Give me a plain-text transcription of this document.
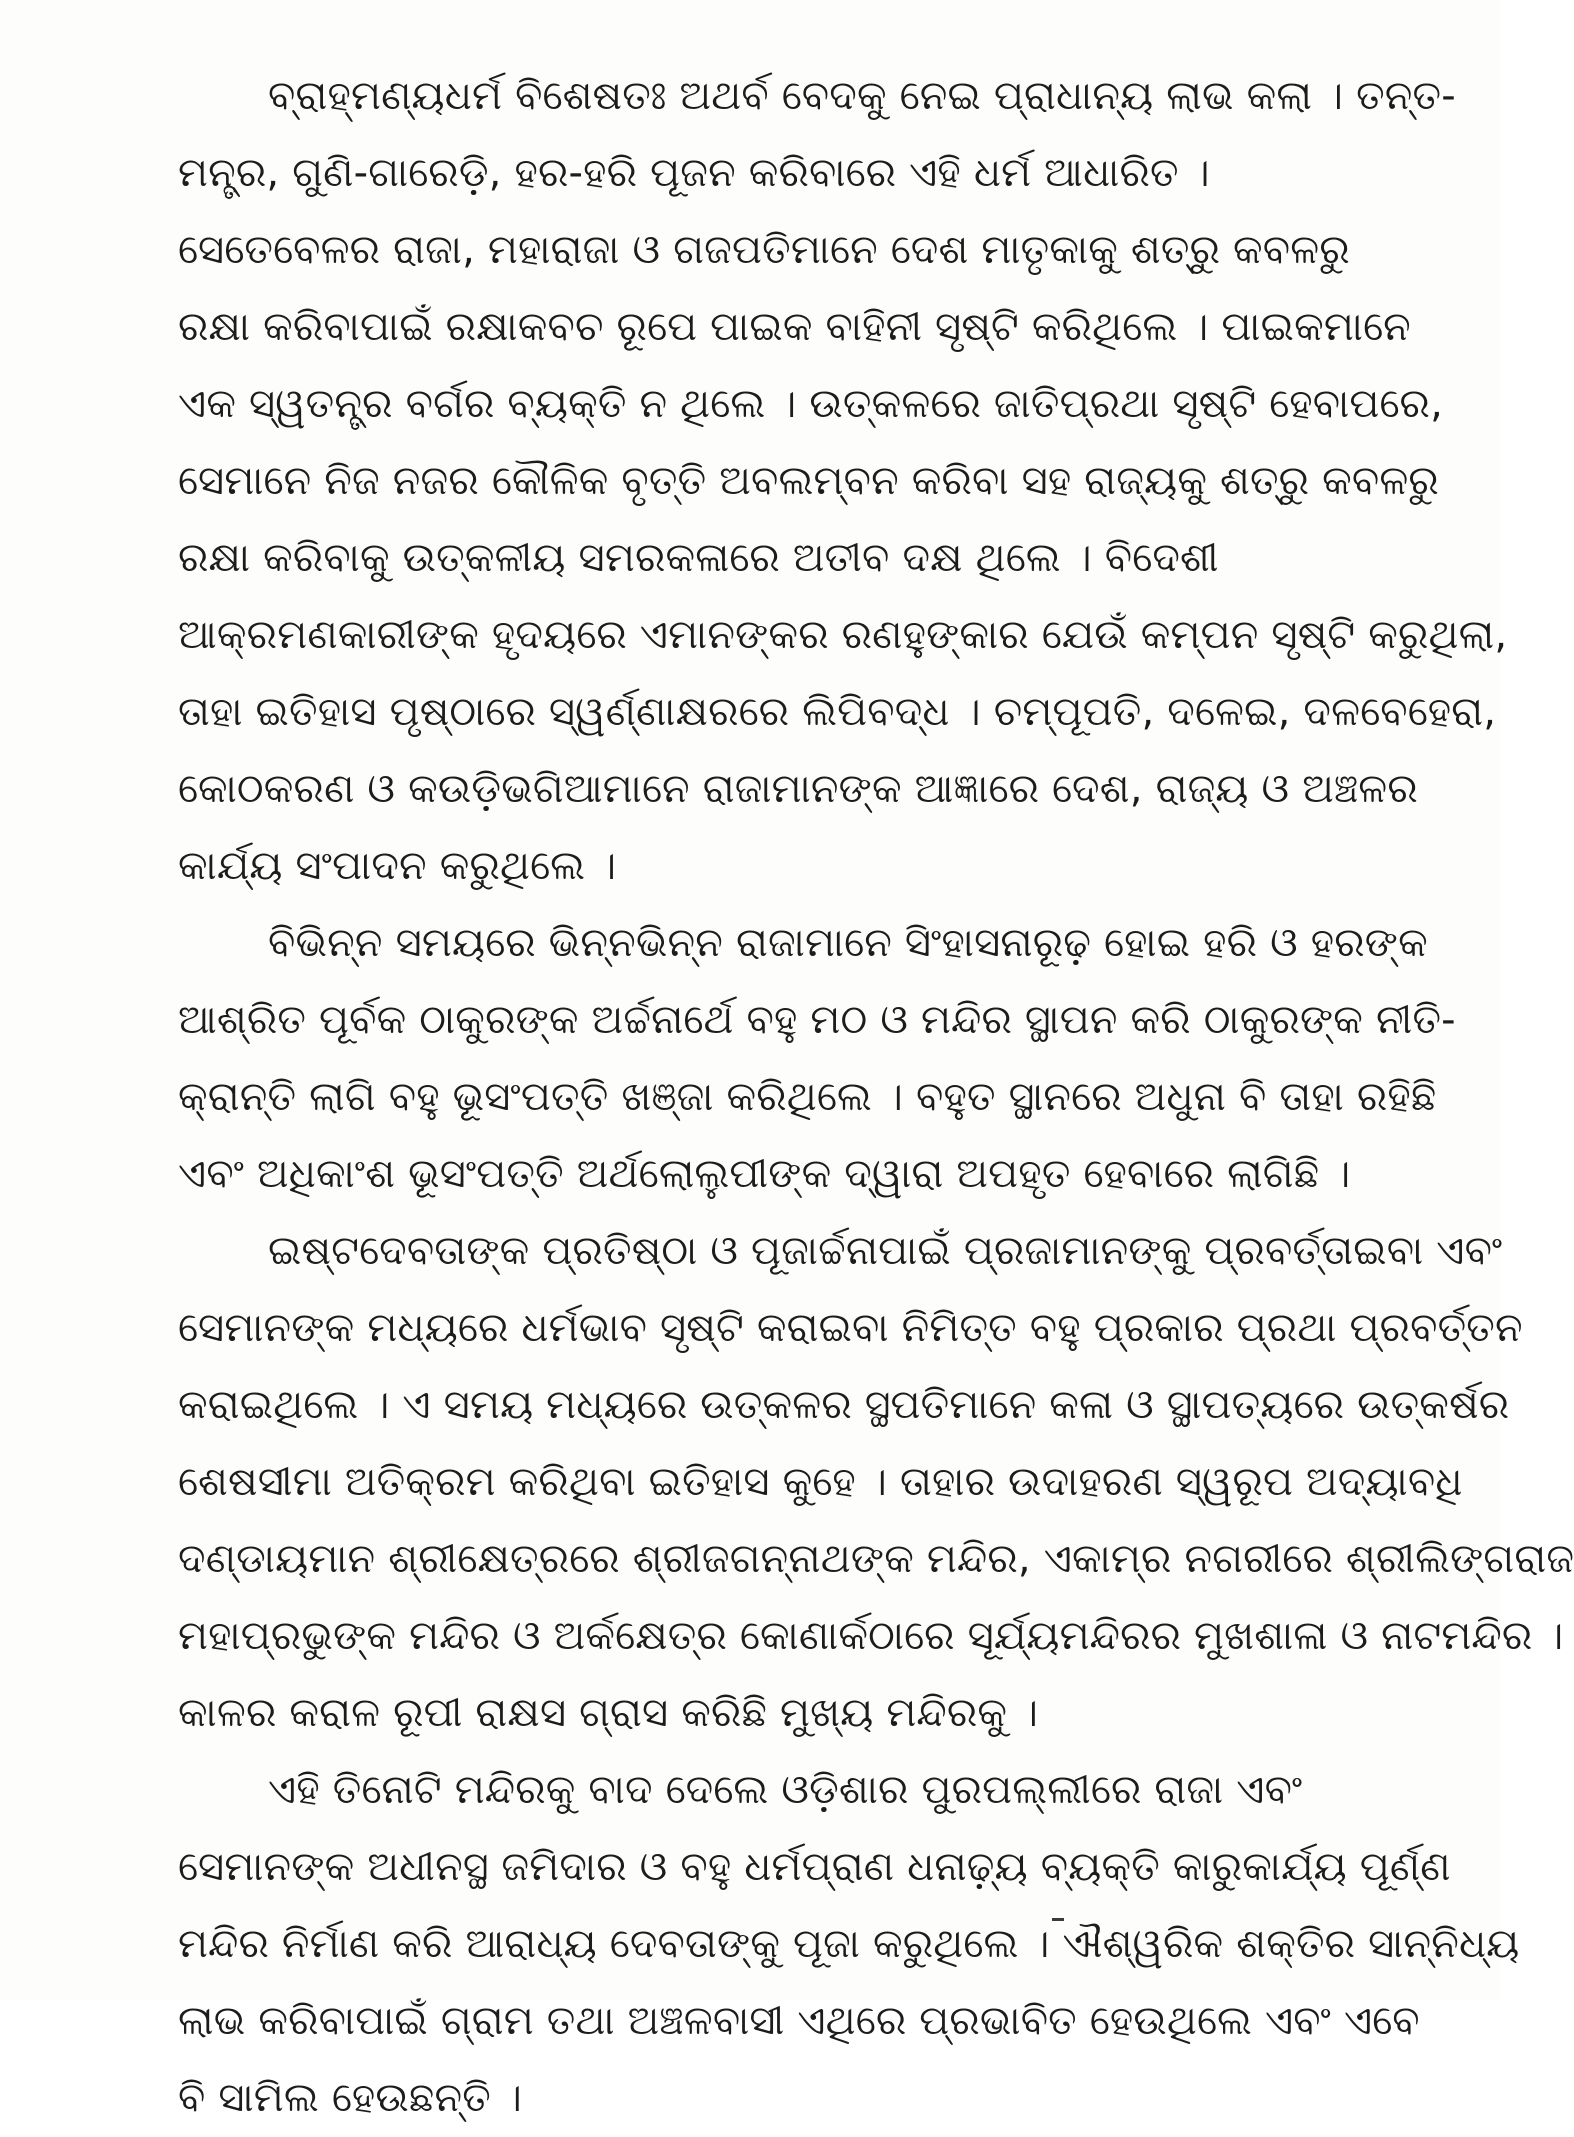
ବ୍ରାହ୍ମଣ୍ୟଧର୍ମ ବିଶେଷତଃ ଅଥର୍ବ ବେଦକୁ ନେଇ ପ୍ରାଧାନ୍ୟ ଲାଭ କଲା । ତନ୍ତ-
ମନ୍ତ୍ର, ଗୁଣି-ଗାରେଡ଼ି, ହର-ହରି ପୂଜନ କରିବାରେ ଏହି ଧର୍ମ ଆଧାରିତ ।
ସେତେବେଳର ରାଜା, ମହାରାଜା ଓ ଗଜପତିମାନେ ଦେଶ ମାତୃକାକୁ ଶତ୍ରୁ କବଳରୁ
ରକ୍ଷା କରିବାପାଇଁ ରକ୍ଷାକବଚ ରୂପେ ପାଇକ ବାହିନୀ ସୃଷ୍ଟି କରିଥିଲେ । ପାଇକମାନେ
ଏକ ସ୍ୱତନ୍ତ୍ର ବର୍ଗର ବ୍ୟକ୍ତି ନ ଥିଲେ । ଉତ୍କଳରେ ଜାତିପ୍ରଥା ସୃଷ୍ଟି ହେବାପରେ,
ସେମାନେ ନିଜ ନଜର କୌଳିକ ବୃତ୍ତି ଅବଲମ୍ବନ କରିବା ସହ ରାଜ୍ୟକୁ ଶତ୍ରୁ କବଳରୁ
ରକ୍ଷା କରିବାକୁ ଉତ୍କଳୀୟ ସମରକଳାରେ ଅତୀବ ଦକ୍ଷ ଥିଲେ । ବିଦେଶୀ
ଆକ୍ରମଣକାରୀଙ୍କ ହୃଦୟରେ ଏମାନଙ୍କର ରଣହୁଙ୍କାର ଯେଉଁ କମ୍ପନ ସୃଷ୍ଟି କରୁଥିଲା,
ତାହା ଇତିହାସ ପୃଷ୍ଠାରେ ସ୍ୱର୍ଣ୍ଣାକ୍ଷରରେ ଲିପିବଦ୍ଧ । ଚମ୍ପୂପତି, ଦଳେଇ, ଦଳବେହେରା,
କୋଠକରଣ ଓ କଉଡ଼ିଭଗିଆମାନେ ରାଜାମାନଙ୍କ ଆଜ୍ଞାରେ ଦେଶ, ରାଜ୍ୟ ଓ ଅଞ୍ଚଳର
କାର୍ଯ୍ୟ ସଂପାଦନ କରୁଥିଲେ ।
ବିଭିନ୍ନ ସମୟରେ ଭିନ୍ନଭିନ୍ନ ରାଜାମାନେ ସିଂହାସନାରୂଢ଼ ହୋଇ ହରି ଓ ହରଙ୍କ
ଆଶ୍ରିତ ପୂର୍ବକ ଠାକୁରଙ୍କ ଅର୍ଚ୍ଚନାର୍ଥେ ବହୁ ମଠ ଓ ମନ୍ଦିର ସ୍ଥାପନ କରି ଠାକୁରଙ୍କ ନୀତି-
କ୍ରାନ୍ତି ଲାଗି ବହୁ ଭୂସଂପତ୍ତି ଖଞ୍ଜା କରିଥିଲେ । ବହୁତ ସ୍ଥାନରେ ଅଧୁନା ବି ତାହା ରହିଛି
ଏବଂ ଅଧିକାଂଶ ଭୂସଂପତ୍ତି ଅର୍ଥଲୋଲୁପୀଙ୍କ ଦ୍ୱାରା ଅପହୃତ ହେବାରେ ଲାଗିଛି ।
ଇଷ୍ଟଦେବତାଙ୍କ ପ୍ରତିଷ୍ଠା ଓ ପୂଜାର୍ଚ୍ଚନାପାଇଁ ପ୍ରଜାମାନଙ୍କୁ ପ୍ରବର୍ତ୍ତାଇବା ଏବଂ
ସେମାନଙ୍କ ମଧ୍ୟରେ ଧର୍ମଭାବ ସୃଷ୍ଟି କରାଇବା ନିମିତ୍ତ ବହୁ ପ୍ରକାର ପ୍ରଥା ପ୍ରବର୍ତ୍ତନ
କରାଇଥିଲେ । ଏ ସମୟ ମଧ୍ୟରେ ଉତ୍କଳର ସ୍ଥପତିମାନେ କଳା ଓ ସ୍ଥାପତ୍ୟରେ ଉତ୍କର୍ଷର
ଶେଷସୀମା ଅତିକ୍ରମ କରିଥିବା ଇତିହାସ କୁହେ । ତାହାର ଉଦାହରଣ ସ୍ୱରୂପ ଅଦ୍ୟାବଧି
ଦଣ୍ଡାୟମାନ ଶ୍ରୀକ୍ଷେତ୍ରରେ ଶ୍ରୀଜଗନ୍ନାଥଙ୍କ ମନ୍ଦିର, ଏକାମ୍ର ନଗରୀରେ ଶ୍ରୀଲିଙ୍ଗରାଜ
ମହାପ୍ରଭୁଙ୍କ ମନ୍ଦିର ଓ ଅର୍କକ୍ଷେତ୍ର କୋଣାର୍କଠାରେ ସୂର୍ଯ୍ୟମନ୍ଦିରର ମୁଖଶାଳା ଓ ନାଟମନ୍ଦିର ।
କାଳର କରାଳ ରୂପୀ ରାକ୍ଷସ ଗ୍ରାସ କରିଛି ମୁଖ୍ୟ ମନ୍ଦିରକୁ ।
ଏହି ତିନୋଟି ମନ୍ଦିରକୁ ବାଦ ଦେଲେ ଓଡ଼ିଶାର ପୁରପଲ୍ଲୀରେ ରାଜା ଏବଂ
ସେମାନଙ୍କ ଅଧୀନସ୍ଥ ଜମିଦାର ଓ ବହୁ ଧର୍ମପ୍ରାଣ ଧନାଢ଼୍ୟ ବ୍ୟକ୍ତି କାରୁକାର୍ଯ୍ୟ ପୂର୍ଣ୍ଣ
ମନ୍ଦିର ନିର୍ମାଣ କରି ଆରାଧ୍ୟ ଦେବତାଙ୍କୁ ପୂଜା କରୁଥିଲେ । ଐଶ୍ୱରିକ ଶକ୍ତିର ସାନ୍ନିଧ୍ୟ
ଲାଭ କରିବାପାଇଁ ଗ୍ରାମ ତଥା ଅଞ୍ଚଳବାସୀ ଏଥିରେ ପ୍ରଭାବିତ ହେଉଥିଲେ ଏବଂ ଏବେ
ବି ସାମିଲ ହେଉଛନ୍ତି ।
